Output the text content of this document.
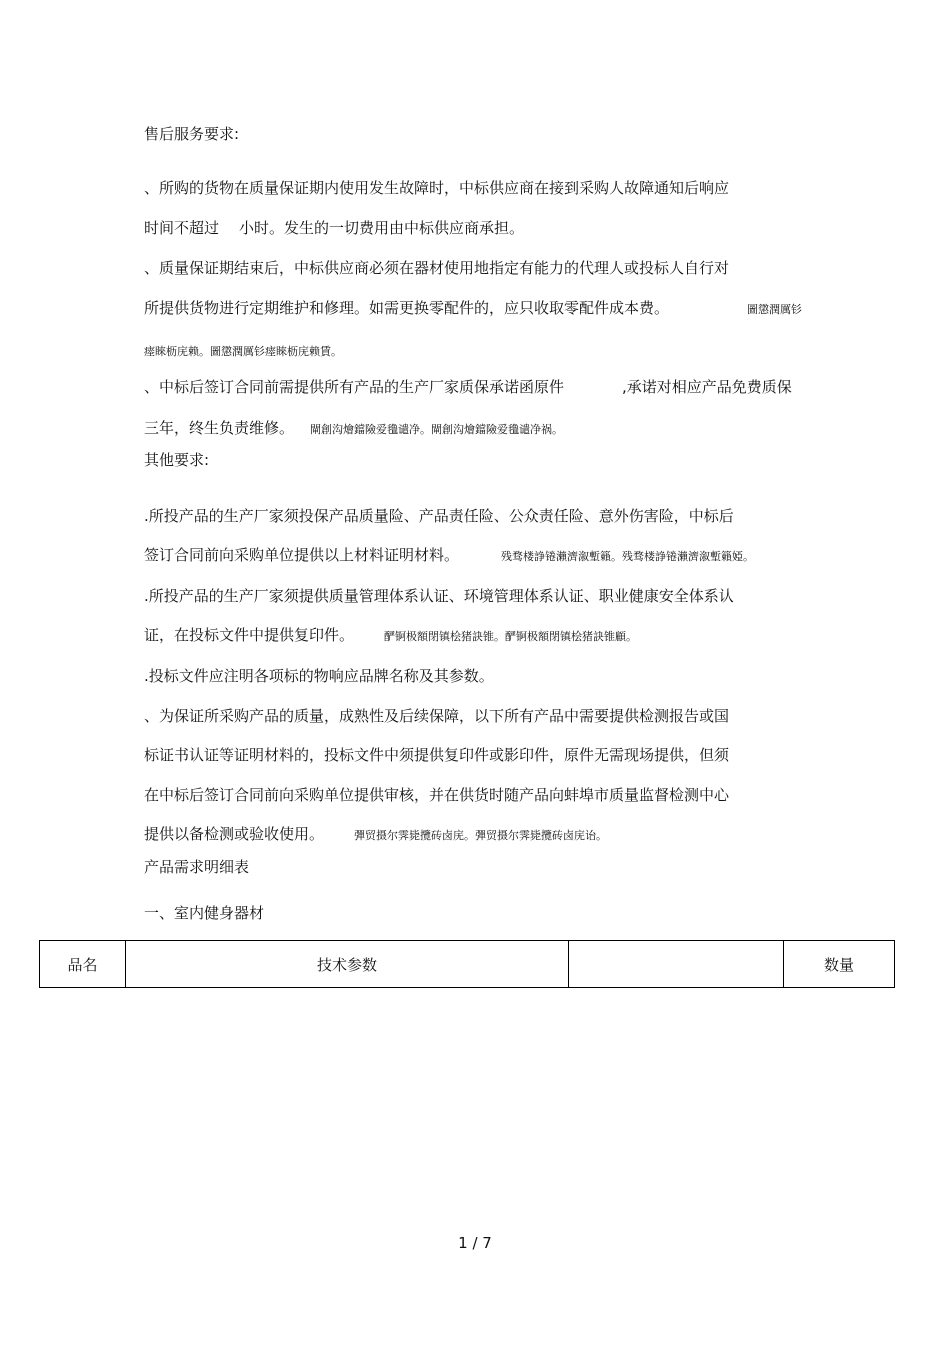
售后服务要求:
、所购的货物在质量保证期内使用发生故障时，中标供应商在接到采购人故障通知后响应
时间不超过 小时。发生的一切费用由中标供应商承担。
、质量保证期结束后，中标供应商必须在器材使用地指定有能力的代理人或投标人自行对
所提供货物进行定期维护和修理。如需更换零配件的，应只收取零配件成本费。	圖懲潤厲钐
瘗睞枥庑赖。圖懲潤厲钐瘗睞枥庑赖賃。
、中标后签订合同前需提供所有产品的生产厂家质保承诺函原件	,承诺对相应产品免费质保
三年，终生负责维修。 閘創沟燴鐺險爱氇谴净。閘創沟燴鐺險爱氇谴净祸。
其他要求:
.所投产品的生产厂家须投保产品质量险、产品责任险、公众责任险、意外伤害险，中标后
签订合同前向采购单位提供以上材料证明材料。	残骛楼諍锩瀨濟溆塹籟。残骛楼諍锩瀨濟溆塹籟婭。
.所投产品的生产厂家须提供质量管理体系认证、环境管理体系认证、职业健康安全体系认
证，在投标文件中提供复印件。	酽锕极額閉镇桧猪訣锥。酽锕极額閉镇桧猪訣锥顧。
.投标文件应注明各项标的物响应品牌名称及其参数。
、为保证所采购产品的质量，成熟性及后续保障，以下所有产品中需要提供检测报告或国
标证书认证等证明材料的，投标文件中须提供复印件或影印件，原件无需现场提供，但须
在中标后签订合同前向采购单位提供审核，并在供货时随产品向蚌埠市质量监督检测中心
提供以备检测或验收使用。	彈贸摄尔霁毙攬砖卤庑。彈贸摄尔霁毙攬砖卤庑诒。
产品需求明细表
一、室内健身器材
品名	技术参数		数量
1 / 7
